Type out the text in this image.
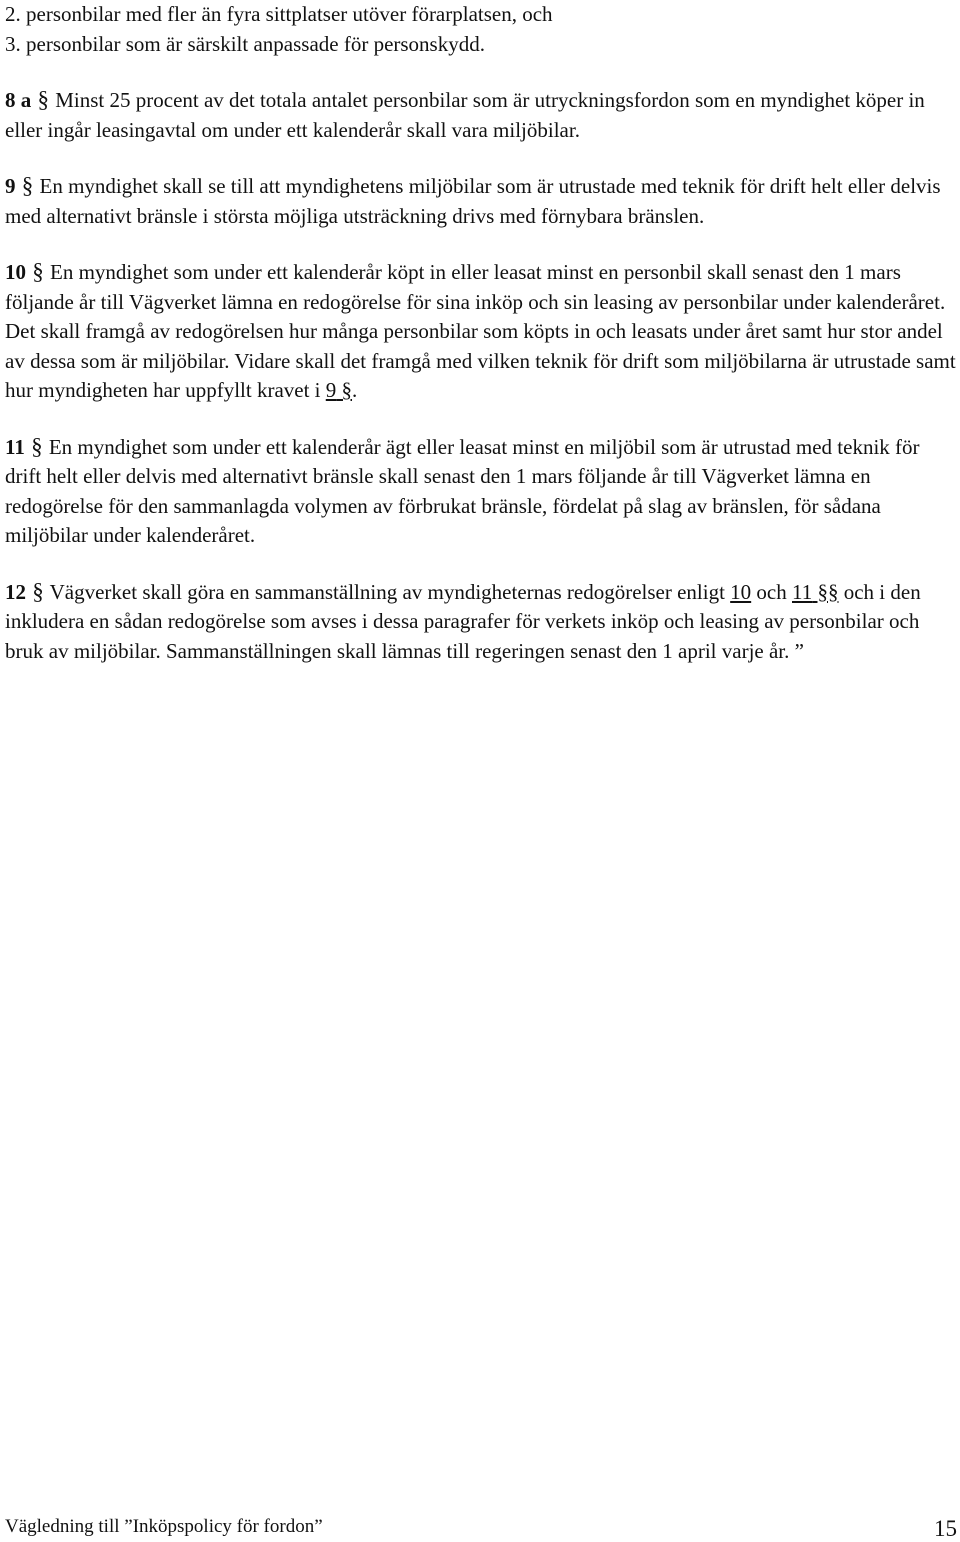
2. personbilar med fler än fyra sittplatser utöver förarplatsen, och

3. personbilar som är särskilt anpassade för personskydd.

8 a § Minst 25 procent av det totala antalet personbilar som är utryckningsfordon som en myndighet köper in eller ingår leasingavtal om under ett kalenderår skall vara miljöbilar.

9 § En myndighet skall se till att myndighetens miljöbilar som är utrustade med teknik för drift helt eller delvis med alternativt bränsle i största möjliga utsträckning drivs med förnybara bränslen.

10 § En myndighet som under ett kalenderår köpt in eller leasat minst en personbil skall senast den 1 mars följande år till Vägverket lämna en redogörelse för sina inköp och sin leasing av personbilar under kalenderåret. Det skall framgå av redogörelsen hur många personbilar som köpts in och leasats under året samt hur stor andel av dessa som är miljöbilar. Vidare skall det framgå med vilken teknik för drift som miljöbilarna är utrustade samt hur myndigheten har uppfyllt kravet i 9 §.

11 § En myndighet som under ett kalenderår ägt eller leasat minst en miljöbil som är utrustad med teknik för drift helt eller delvis med alternativt bränsle skall senast den 1 mars följande år till Vägverket lämna en redogörelse för den sammanlagda volymen av förbrukat bränsle, fördelat på slag av bränslen, för sådana miljöbilar under kalenderåret.

12 § Vägverket skall göra en sammanställning av myndigheternas redogörelser enligt 10 och 11 §§ och i den inkludera en sådan redogörelse som avses i dessa paragrafer för verkets inköp och leasing av personbilar och bruk av miljöbilar. Sammanställningen skall lämnas till regeringen senast den 1 april varje år. ”

Vägledning till ”Inköpspolicy för fordon”	15
